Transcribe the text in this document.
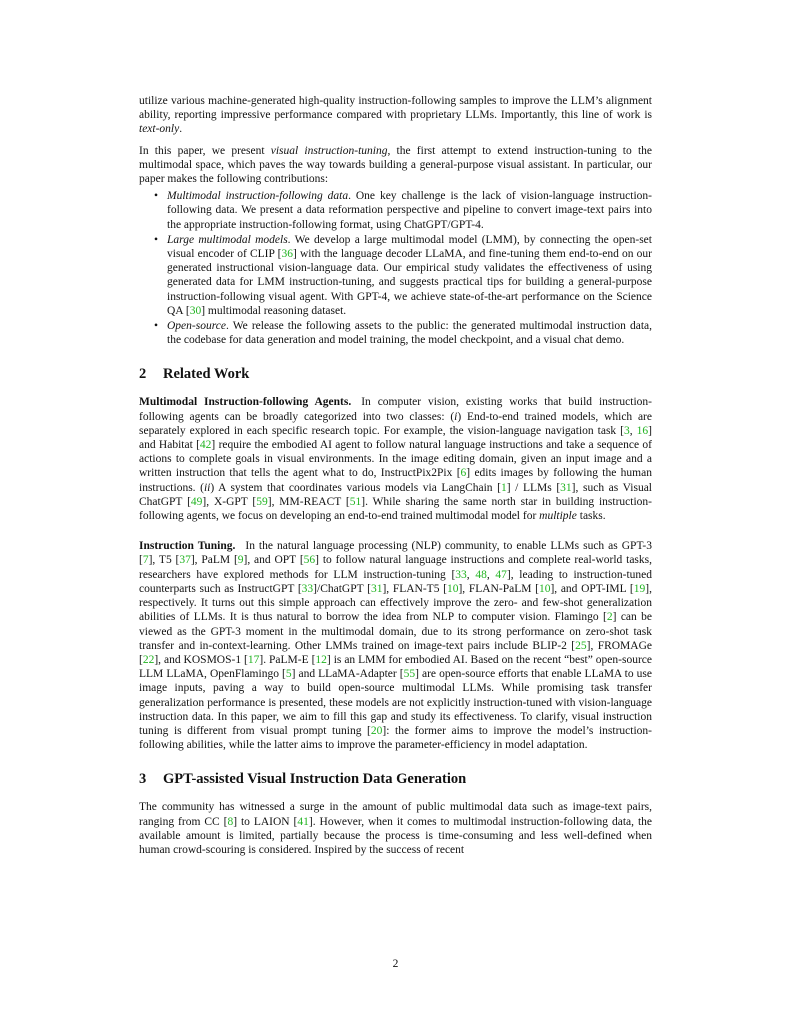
utilize various machine-generated high-quality instruction-following samples to improve the LLM’s alignment ability, reporting impressive performance compared with proprietary LLMs. Importantly, this line of work is text-only.

In this paper, we present visual instruction-tuning, the first attempt to extend instruction-tuning to the multimodal space, which paves the way towards building a general-purpose visual assistant. In particular, our paper makes the following contributions:

• Multimodal instruction-following data. One key challenge is the lack of vision-language instruction-following data. We present a data reformation perspective and pipeline to convert image-text pairs into the appropriate instruction-following format, using ChatGPT/GPT-4.
• Large multimodal models. We develop a large multimodal model (LMM), by connecting the open-set visual encoder of CLIP [36] with the language decoder LLaMA, and fine-tuning them end-to-end on our generated instructional vision-language data. Our empirical study validates the effectiveness of using generated data for LMM instruction-tuning, and suggests practical tips for building a general-purpose instruction-following visual agent. With GPT-4, we achieve state-of-the-art performance on the Science QA [30] multimodal reasoning dataset.
• Open-source. We release the following assets to the public: the generated multimodal instruction data, the codebase for data generation and model training, the model checkpoint, and a visual chat demo.
2 Related Work

Multimodal Instruction-following Agents. In computer vision, existing works that build instruction-following agents can be broadly categorized into two classes: (i) End-to-end trained models, which are separately explored in each specific research topic. For example, the vision-language navigation task [3, 16] and Habitat [42] require the embodied AI agent to follow natural language instructions and take a sequence of actions to complete goals in visual environments. In the image editing domain, given an input image and a written instruction that tells the agent what to do, InstructPix2Pix [6] edits images by following the human instructions. (ii) A system that coordinates various models via LangChain [1] / LLMs [31], such as Visual ChatGPT [49], X-GPT [59], MM-REACT [51]. While sharing the same north star in building instruction-following agents, we focus on developing an end-to-end trained multimodal model for multiple tasks.

Instruction Tuning. In the natural language processing (NLP) community, to enable LLMs such as GPT-3 [7], T5 [37], PaLM [9], and OPT [56] to follow natural language instructions and complete real-world tasks, researchers have explored methods for LLM instruction-tuning [33, 48, 47], leading to instruction-tuned counterparts such as InstructGPT [33]/ChatGPT [31], FLAN-T5 [10], FLAN-PaLM [10], and OPT-IML [19], respectively. It turns out this simple approach can effectively improve the zero- and few-shot generalization abilities of LLMs. It is thus natural to borrow the idea from NLP to computer vision. Flamingo [2] can be viewed as the GPT-3 moment in the multimodal domain, due to its strong performance on zero-shot task transfer and in-context-learning. Other LMMs trained on image-text pairs include BLIP-2 [25], FROMAGe [22], and KOSMOS-1 [17]. PaLM-E [12] is an LMM for embodied AI. Based on the recent “best” open-source LLM LLaMA, OpenFlamingo [5] and LLaMA-Adapter [55] are open-source efforts that enable LLaMA to use image inputs, paving a way to build open-source multimodal LLMs. While promising task transfer generalization performance is presented, these models are not explicitly instruction-tuned with vision-language instruction data. In this paper, we aim to fill this gap and study its effectiveness. To clarify, visual instruction tuning is different from visual prompt tuning [20]: the former aims to improve the model’s instruction-following abilities, while the latter aims to improve the parameter-efficiency in model adaptation.

3 GPT-assisted Visual Instruction Data Generation

The community has witnessed a surge in the amount of public multimodal data such as image-text pairs, ranging from CC [8] to LAION [41]. However, when it comes to multimodal instruction-following data, the available amount is limited, partially because the process is time-consuming and less well-defined when human crowd-scouring is considered. Inspired by the success of recent

2
